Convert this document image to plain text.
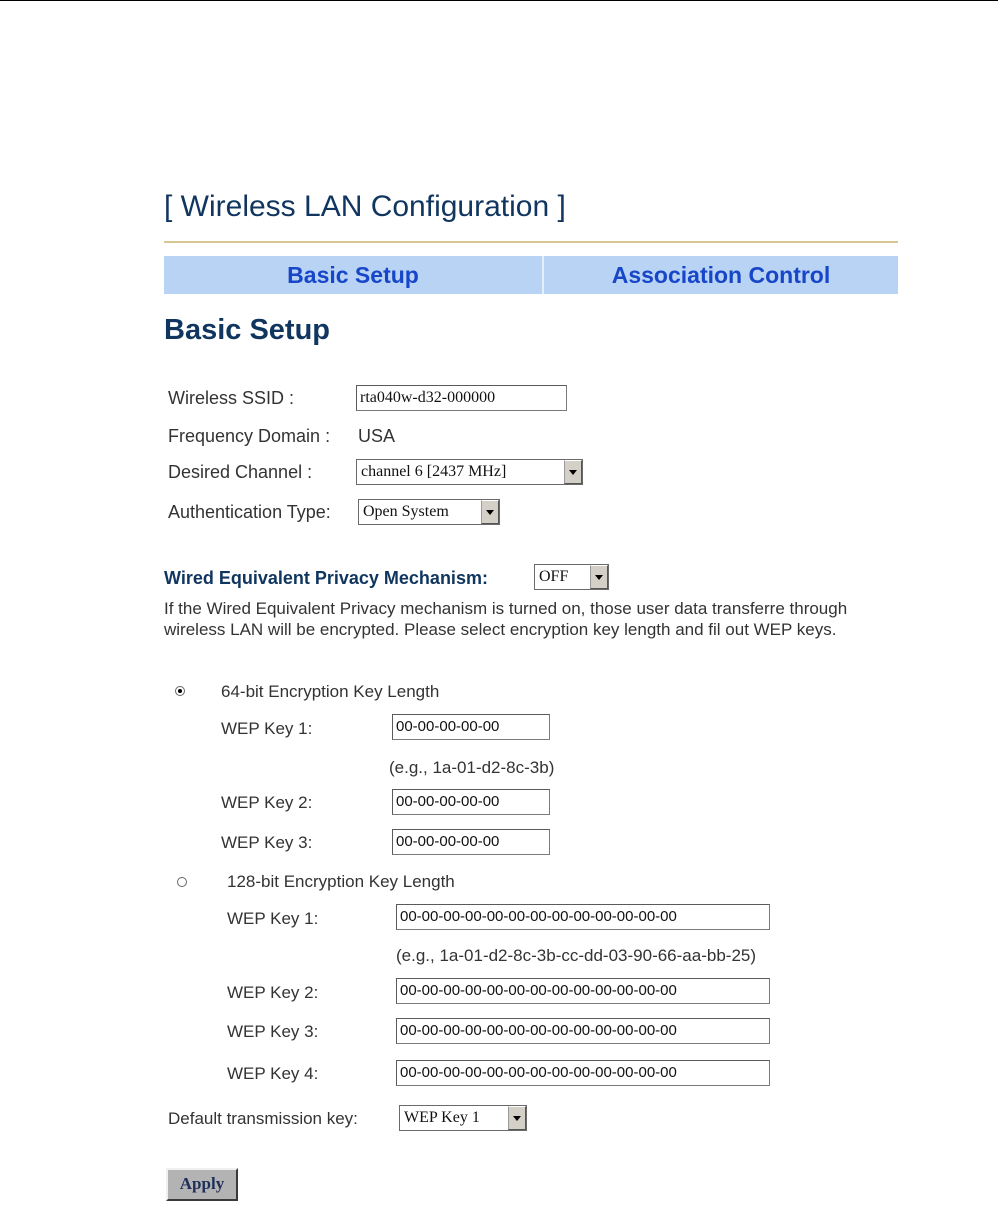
[ Wireless LAN Configuration ]
Basic Setup	Association Control
Basic Setup
Wireless SSID :	rta040w-d32-000000
Frequency Domain : USA
Desired Channel :	channel 6 [2437 MHz]
Authentication Type: Open System
Wired Equivalent Privacy Mechanism:	OFF
If the Wired Equivalent Privacy mechanism is turned on, those user data transferre through wireless LAN will be encrypted. Please select encryption key length and fil out WEP keys.
64-bit Encryption Key Length
WEP Key 1:	00-00-00-00-00
(e.g., 1a-01-d2-8c-3b)
WEP Key 2:	00-00-00-00-00
WEP Key 3:	00-00-00-00-00
128-bit Encryption Key Length
WEP Key 1:	00-00-00-00-00-00-00-00-00-00-00-00-00
(e.g., 1a-01-d2-8c-3b-cc-dd-03-90-66-aa-bb-25)
WEP Key 2:	00-00-00-00-00-00-00-00-00-00-00-00-00
WEP Key 3:	00-00-00-00-00-00-00-00-00-00-00-00-00
WEP Key 4:	00-00-00-00-00-00-00-00-00-00-00-00-00
Default transmission key:	WEP Key 1
Apply
